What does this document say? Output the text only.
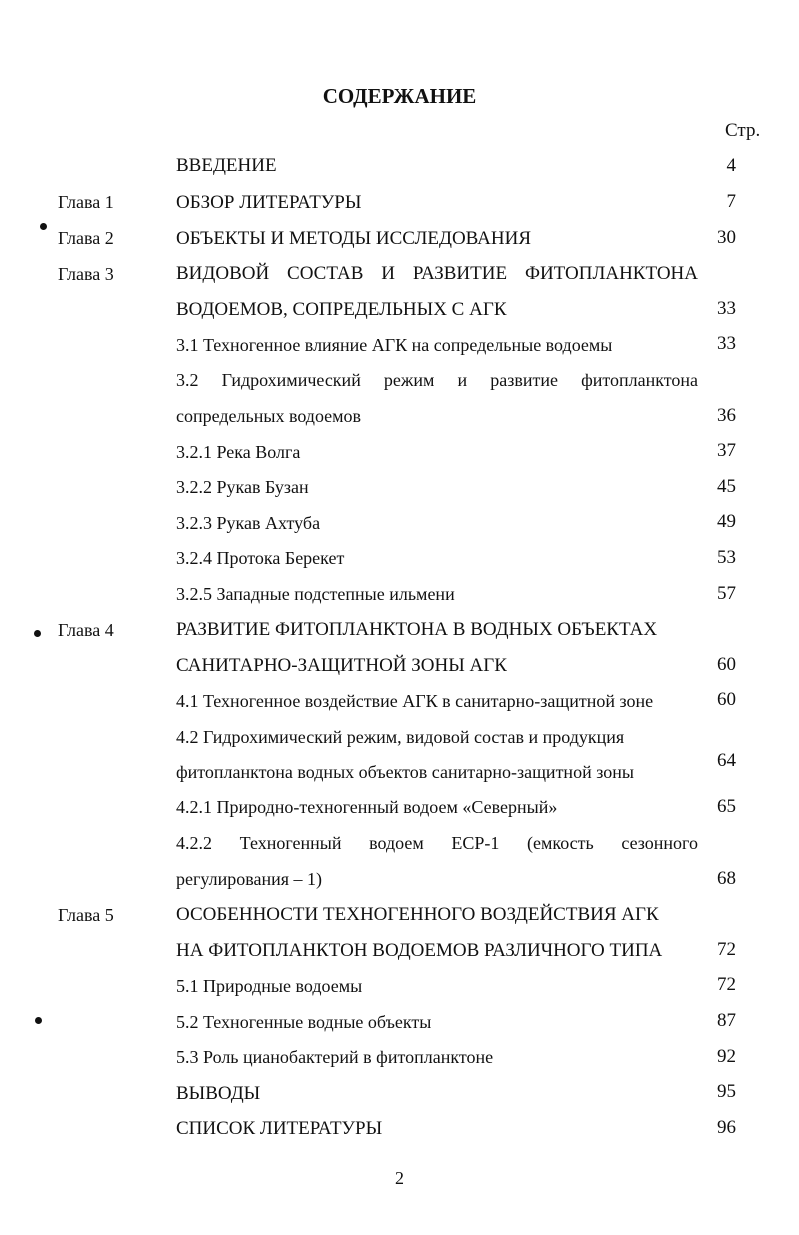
СОДЕРЖАНИЕ
Стр.
ВВЕДЕНИЕ	4
Глава 1	ОБЗОР ЛИТЕРАТУРЫ	7
Глава 2	ОБЪЕКТЫ И МЕТОДЫ ИССЛЕДОВАНИЯ	30
Глава 3	ВИДОВОЙ СОСТАВ И РАЗВИТИЕ ФИТОПЛАНКТОНА
ВОДОЕМОВ, СОПРЕДЕЛЬНЫХ С АГК	33
3.1 Техногенное влияние АГК на сопредельные водоемы	33
3.2 Гидрохимический режим и развитие фитопланктона
сопредельных водоемов	36
3.2.1 Река Волга	37
3.2.2 Рукав Бузан	45
3.2.3 Рукав Ахтуба	49
3.2.4 Протока Берекет	53
3.2.5 Западные подстепные ильмени	57
Глава 4	РАЗВИТИЕ ФИТОПЛАНКТОНА В ВОДНЫХ ОБЪЕКТАХ
САНИТАРНО-ЗАЩИТНОЙ ЗОНЫ АГК	60
4.1 Техногенное воздействие АГК в санитарно-защитной зоне	60
4.2 Гидрохимический режим, видовой состав и продукция
фитопланктона водных объектов санитарно-защитной зоны
64
4.2.1 Природно-техногенный водоем «Северный»	65
4.2.2 Техногенный водоем ЕСР-1 (емкость сезонного
регулирования – 1)	68
Глава 5	ОСОБЕННОСТИ ТЕХНОГЕННОГО ВОЗДЕЙСТВИЯ АГК
НА ФИТОПЛАНКТОН ВОДОЕМОВ РАЗЛИЧНОГО ТИПА	72
5.1 Природные водоемы	72
5.2 Техногенные водные объекты	87
5.3 Роль цианобактерий в фитопланктоне	92
ВЫВОДЫ	95
СПИСОК ЛИТЕРАТУРЫ	96
2
